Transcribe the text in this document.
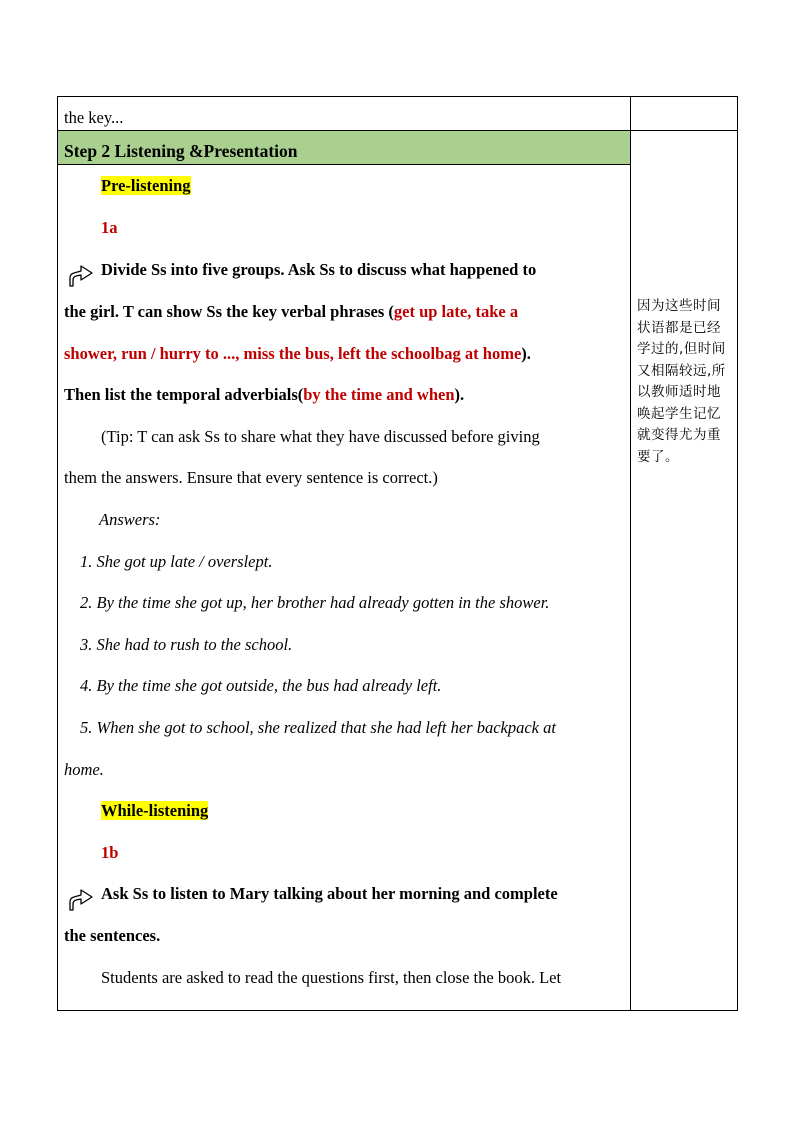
the key...
Step 2 Listening &Presentation
Pre-listening
1a
Divide Ss into five groups. Ask Ss to discuss what happened to
the girl. T can show Ss the key verbal phrases (get up late, take a
shower, run / hurry to ..., miss the bus, left the schoolbag at home).
Then list the temporal adverbials(by the time and when).
(Tip: T can ask Ss to share what they have discussed before giving
them the answers. Ensure that every sentence is correct.)
Answers:
1. She got up late / overslept.
2. By the time she got up, her brother had already gotten in the shower.
3. She had to rush to the school.
4. By the time she got outside, the bus had already left.
5. When she got to school, she realized that she had left her backpack at
home.
While-listening
1b
Ask Ss to listen to Mary talking about her morning and complete
the sentences.
Students are asked to read the questions first, then close the book. Let
因为这些时间状语都是已经学过的,但时间又相隔较远,所以教师适时地唤起学生记忆就变得尤为重要了。
